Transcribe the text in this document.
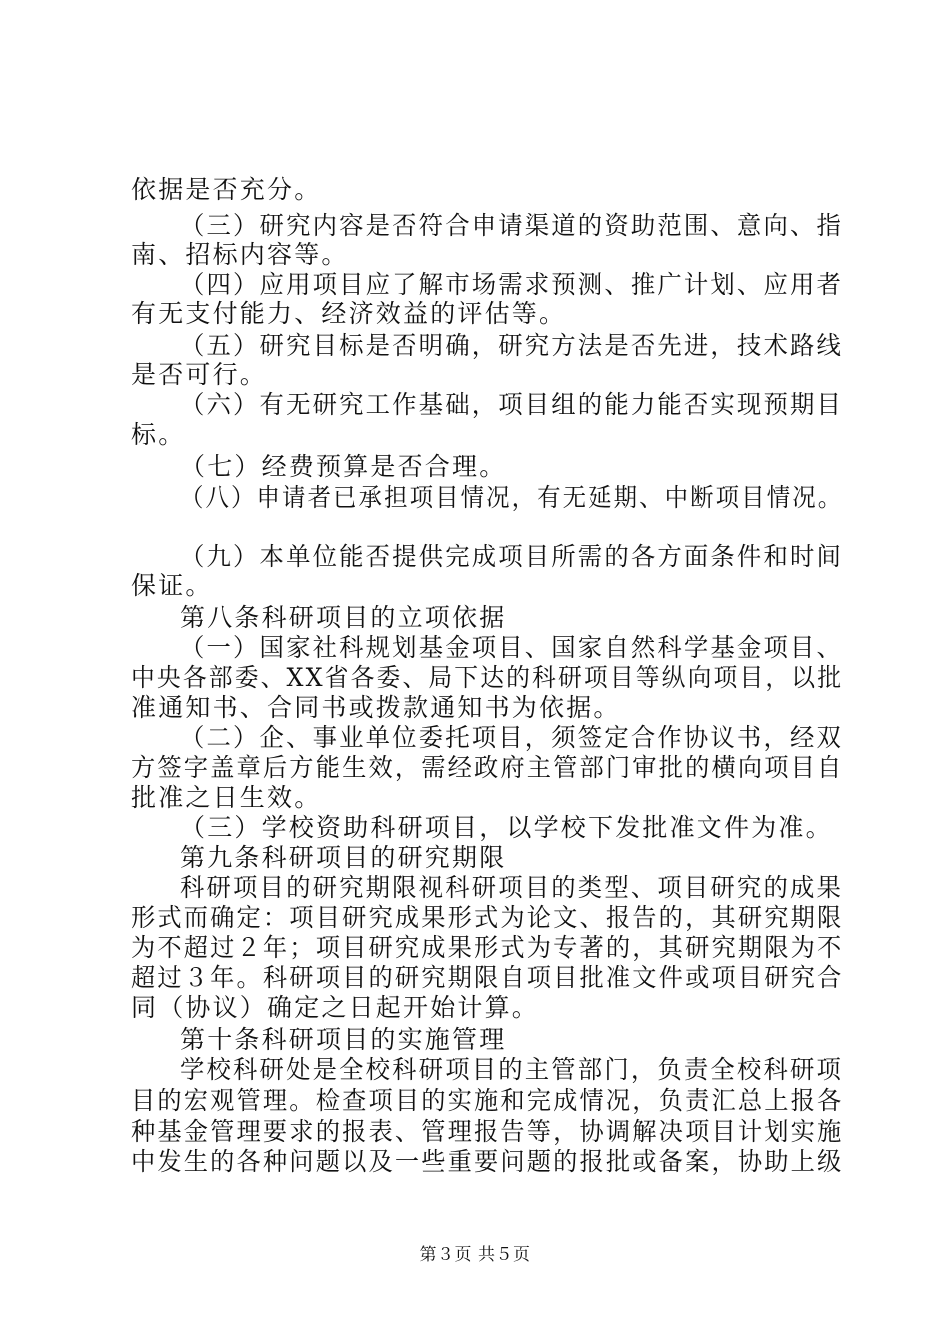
依据是否充分。
（三）研究内容是否符合申请渠道的资助范围、意向、指
南、招标内容等。
（四）应用项目应了解市场需求预测、推广计划、应用者
有无支付能力、经济效益的评估等。
（五）研究目标是否明确，研究方法是否先进，技术路线
是否可行。
（六）有无研究工作基础，项目组的能力能否实现预期目
标。
（七）经费预算是否合理。
（八）申请者已承担项目情况，有无延期、中断项目情况。
（九）本单位能否提供完成项目所需的各方面条件和时间
保证。
第八条科研项目的立项依据
（一）国家社科规划基金项目、国家自然科学基金项目、
中央各部委、XX省各委、局下达的科研项目等纵向项目，以批
准通知书、合同书或拨款通知书为依据。
（二）企、事业单位委托项目，须签定合作协议书，经双
方签字盖章后方能生效，需经政府主管部门审批的横向项目自
批准之日生效。
（三）学校资助科研项目，以学校下发批准文件为准。
第九条科研项目的研究期限
科研项目的研究期限视科研项目的类型、项目研究的成果
形式而确定：项目研究成果形式为论文、报告的，其研究期限
为不超过２年；项目研究成果形式为专著的，其研究期限为不
超过３年。科研项目的研究期限自项目批准文件或项目研究合
同（协议）确定之日起开始计算。
第十条科研项目的实施管理
学校科研处是全校科研项目的主管部门，负责全校科研项
目的宏观管理。检查项目的实施和完成情况，负责汇总上报各
种基金管理要求的报表、管理报告等，协调解决项目计划实施
中发生的各种问题以及一些重要问题的报批或备案，协助上级
第３页 共５页
